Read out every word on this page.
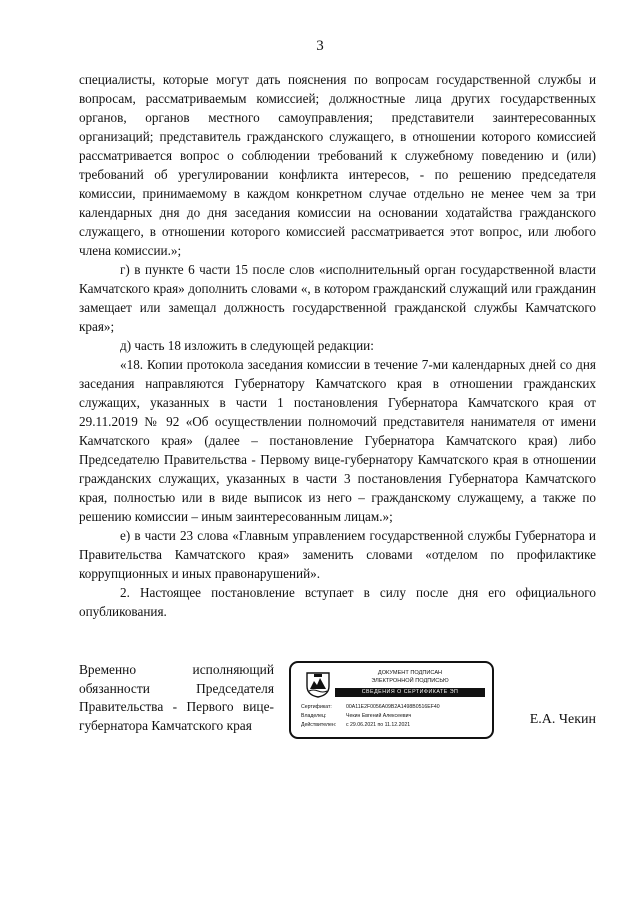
3

специалисты, которые могут дать пояснения по вопросам государственной службы и вопросам, рассматриваемым комиссией; должностные лица других государственных органов, органов местного самоуправления; представители заинтересованных организаций; представитель гражданского служащего, в отношении которого комиссией рассматривается вопрос о соблюдении требований к служебному поведению и (или) требований об урегулировании конфликта интересов, - по решению председателя комиссии, принимаемому в каждом конкретном случае отдельно не менее чем за три календарных дня до дня заседания комиссии на основании ходатайства гражданского служащего, в отношении которого комиссией рассматривается этот вопрос, или любого члена комиссии.»;

г) в пункте 6 части 15 после слов «исполнительный орган государственной власти Камчатского края» дополнить словами «, в котором гражданский служащий или гражданин замещает или замещал должность государственной гражданской службы Камчатского края»;

д) часть 18 изложить в следующей редакции:

«18. Копии протокола заседания комиссии в течение 7-ми календарных дней со дня заседания направляются Губернатору Камчатского края в отношении гражданских служащих, указанных в части 1 постановления Губернатора Камчатского края от 29.11.2019 № 92 «Об осуществлении полномочий представителя нанимателя от имени Камчатского края» (далее – постановление Губернатора Камчатского края) либо Председателю Правительства - Первому вице-губернатору Камчатского края в отношении гражданских служащих, указанных в части 3 постановления Губернатора Камчатского края, полностью или в виде выписок из него – гражданскому служащему, а также по решению комиссии – иным заинтересованным лицам.»;

е) в части 23 слова «Главным управлением государственной службы Губернатора и Правительства Камчатского края» заменить словами «отделом по профилактике коррупционных и иных правонарушений».

2. Настоящее постановление вступает в силу после дня его официального опубликования.

Временно исполняющий
обязанности Председателя
Правительства - Первого вице-
губернатора Камчатского края
ДОКУМЕНТ ПОДПИСАН
ЭЛЕКТРОННОЙ ПОДПИСЬЮ
СВЕДЕНИЯ О СЕРТИФИКАТЕ ЭП
Сертификат:	00A11E2F0056A09B2A1498B0516EF40
Владелец:	Чекин Евгений Алексеевич
Действителен:	с 29.06.2021 по 11.12.2021	Е.А. Чекин
